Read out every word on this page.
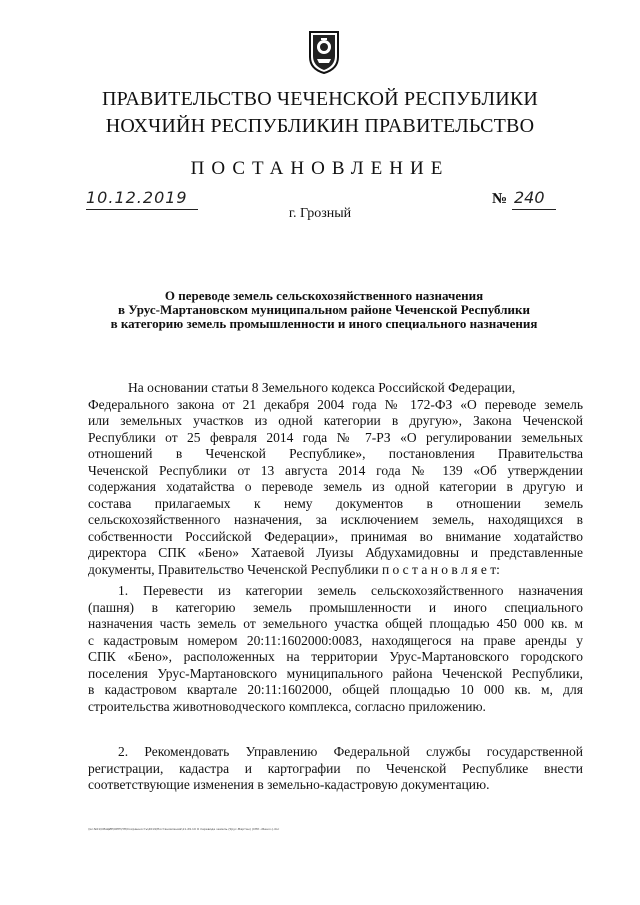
ПРАВИТЕЛЬСТВО ЧЕЧЕНСКОЙ РЕСПУБЛИКИ
НОХЧИЙН РЕСПУБЛИКИН ПРАВИТЕЛЬСТВО
ПОСТАНОВЛЕНИЕ
10.12.2019	№ 240
г. Грозный
О переводе земель сельскохозяйственного назначения
в Урус-Мартановском муниципальном районе Чеченской Республики
в категорию земель промышленности и иного специального назначения
На основании статьи 8 Земельного кодекса Российской Федерации,
Федерального закона от 21 декабря 2004 года № 172-ФЗ «О переводе земель
или земельных участков из одной категории в другую», Закона Чеченской
Республики от 25 февраля 2014 года № 7-РЗ «О регулировании земельных
отношений в Чеченской Республике», постановления Правительства
Чеченской Республики от 13 августа 2014 года № 139 «Об утверждении
содержания ходатайства о переводе земель из одной категории в другую и
состава прилагаемых к нему документов в отношении земель
сельскохозяйственного назначения, за исключением земель, находящихся в
собственности Российской Федерации», принимая во внимание ходатайство
директора СПК «Бено» Хатаевой Луизы Абдухамидовны и представленные
документы, Правительство Чеченской Республики п о с т а н о в л я е т:
1. Перевести из категории земель сельскохозяйственного назначения
(пашня) в категорию земель промышленности и иного специального
назначения часть земель от земельного участка общей площадью 450 000 кв. м
с кадастровым номером 20:11:1602000:0083, находящегося на праве аренды у
СПК «Бено», расположенных на территории Урус-Мартановского городского
поселения Урус-Мартановского муниципального района Чеченской Республики,
в кадастровом квартале 20:11:1602000, общей площадью 10 000 кв. м, для
строительства животноводческого комплекса, согласно приложению.
2. Рекомендовать Управлению Федеральной службы государственной
регистрации, кадастра и картографии по Чеченской Республике внести
соответствующие изменения в земельно-кадастровую документацию.
\\sr-fs01\ОБЩИЕ\ОРП\ПП\Сохранность\2019\Постановления\11-29.10 О переводе земель (Урус-Мартан) (СПК «Бено»).doc
